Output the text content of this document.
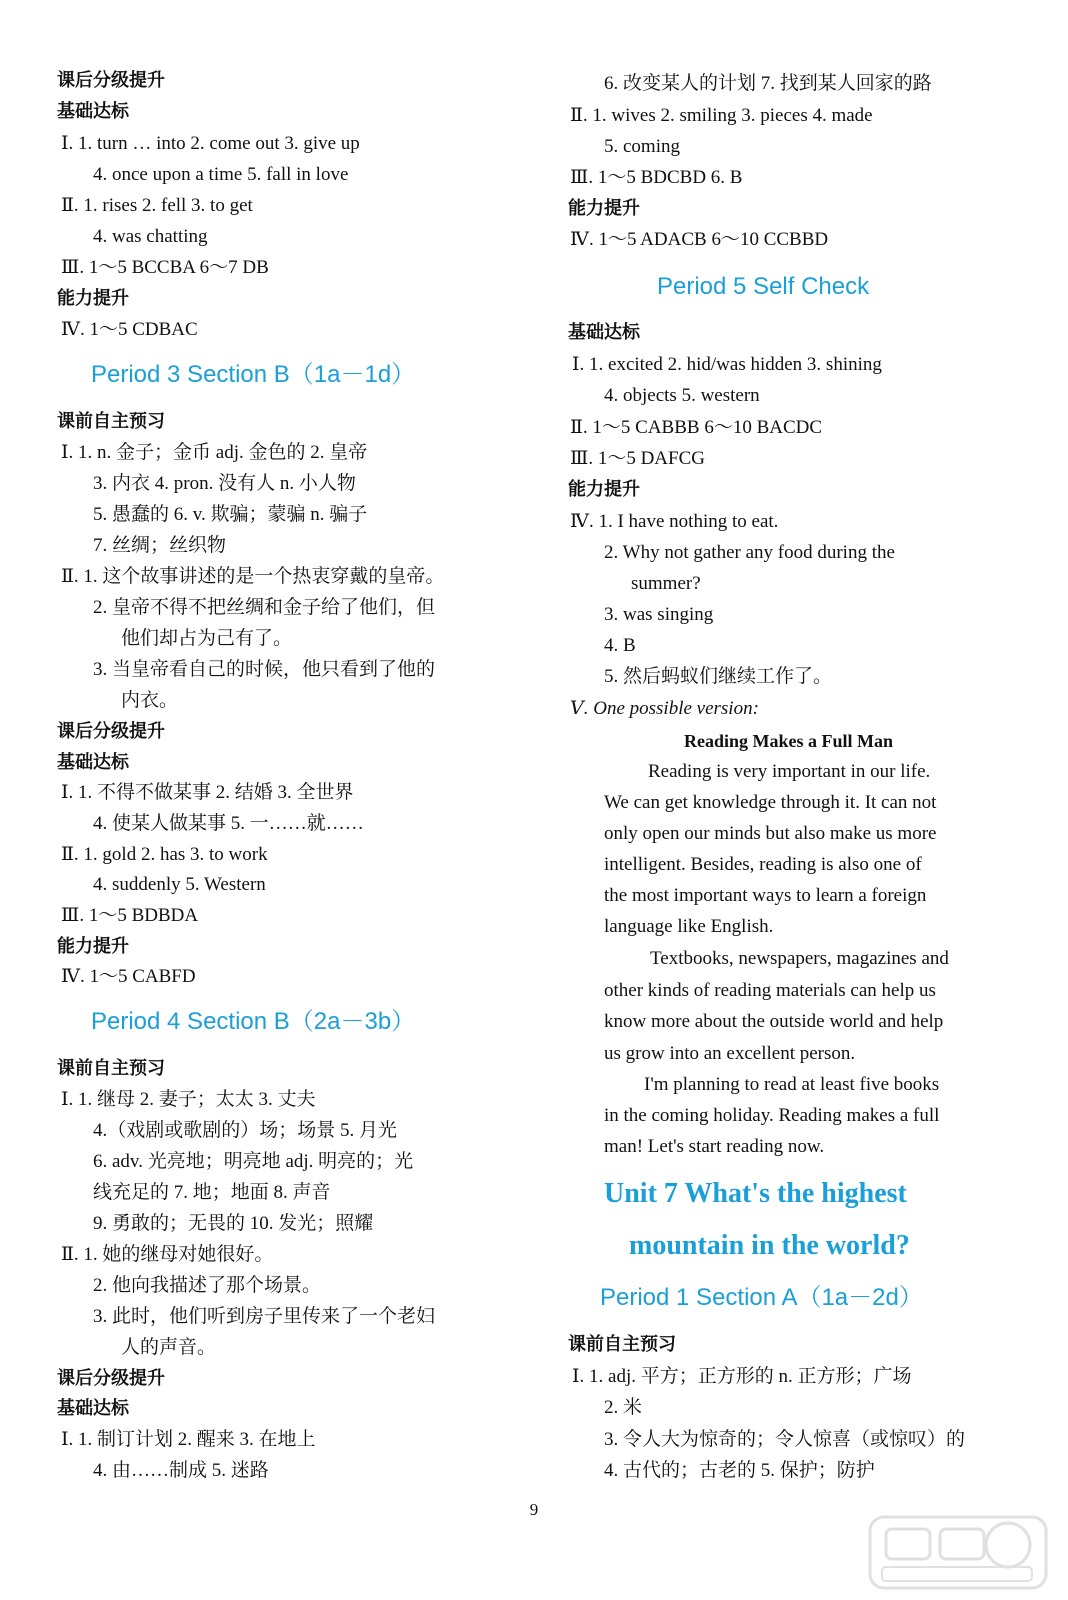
课后分级提升
基础达标
Ⅰ. 1. turn … into 2. come out 3. give up
4. once upon a time 5. fall in love
Ⅱ. 1. rises 2. fell 3. to get
4. was chatting
Ⅲ. 1～5 BCCBA 6～7 DB
能力提升
Ⅳ. 1～5 CDBAC
Period 3 Section B（1a－1d）
课前自主预习
Ⅰ. 1. n. 金子；金币 adj. 金色的 2. 皇帝
3. 内衣 4. pron. 没有人 n. 小人物
5. 愚蠢的 6. v. 欺骗；蒙骗 n. 骗子
7. 丝绸；丝织物
Ⅱ. 1. 这个故事讲述的是一个热衷穿戴的皇帝。
2. 皇帝不得不把丝绸和金子给了他们，但
他们却占为己有了。
3. 当皇帝看自己的时候，他只看到了他的
内衣。
课后分级提升
基础达标
Ⅰ. 1. 不得不做某事 2. 结婚 3. 全世界
4. 使某人做某事 5. 一……就……
Ⅱ. 1. gold 2. has 3. to work
4. suddenly 5. Western
Ⅲ. 1～5 BDBDA
能力提升
Ⅳ. 1～5 CABFD
Period 4 Section B（2a－3b）
课前自主预习
Ⅰ. 1. 继母 2. 妻子；太太 3. 丈夫
4.（戏剧或歌剧的）场；场景 5. 月光
6. adv. 光亮地；明亮地 adj. 明亮的；光
线充足的 7. 地；地面 8. 声音
9. 勇敢的；无畏的 10. 发光；照耀
Ⅱ. 1. 她的继母对她很好。
2. 他向我描述了那个场景。
3. 此时，他们听到房子里传来了一个老妇
人的声音。
课后分级提升
基础达标
Ⅰ. 1. 制订计划 2. 醒来 3. 在地上
4. 由……制成 5. 迷路
6. 改变某人的计划 7. 找到某人回家的路
Ⅱ. 1. wives 2. smiling 3. pieces 4. made
5. coming
Ⅲ. 1～5 BDCBD 6. B
能力提升
Ⅳ. 1～5 ADACB 6～10 CCBBD
Period 5 Self Check
基础达标
Ⅰ. 1. excited 2. hid/was hidden 3. shining
4. objects 5. western
Ⅱ. 1～5 CABBB 6～10 BACDC
Ⅲ. 1～5 DAFCG
能力提升
Ⅳ. 1. I have nothing to eat.
2. Why not gather any food during the
summer?
3. was singing
4. B
5. 然后蚂蚁们继续工作了。
Ⅴ. One possible version:
Reading Makes a Full Man
Reading is very important in our life.
We can get knowledge through it. It can not
only open our minds but also make us more
intelligent. Besides, reading is also one of
the most important ways to learn a foreign
language like English.
Textbooks, newspapers, magazines and
other kinds of reading materials can help us
know more about the outside world and help
us grow into an excellent person.
I'm planning to read at least five books
in the coming holiday. Reading makes a full
man! Let's start reading now.
Unit 7 What's the highest
mountain in the world?
Period 1 Section A（1a－2d）
课前自主预习
Ⅰ. 1. adj. 平方；正方形的 n. 正方形；广场
2. 米
3. 令人大为惊奇的；令人惊喜（或惊叹）的
4. 古代的；古老的 5. 保护；防护
9
